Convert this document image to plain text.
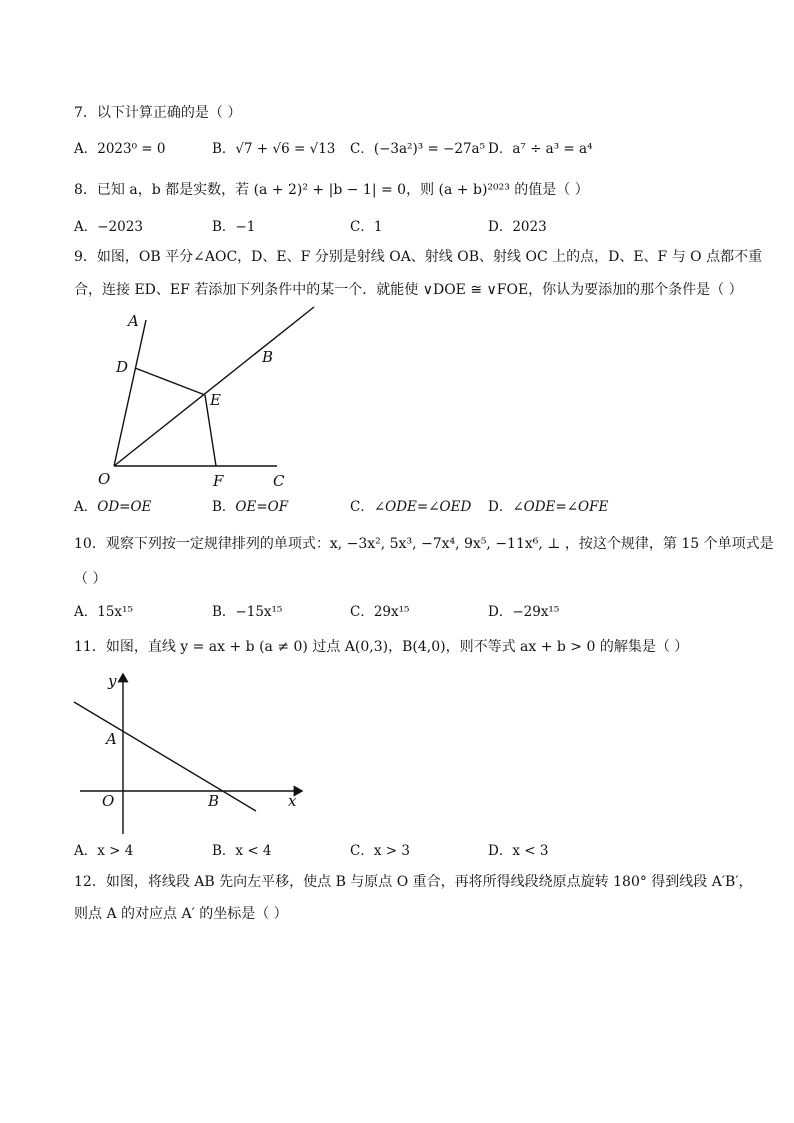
7．以下计算正确的是（ ）
A．2023⁰ = 0	B．√7 + √6 = √13 C．(−3a²)³ = −27a⁵ D．a⁷ ÷ a³ = a⁴
8．已知 a，b 都是实数，若 (a + 2)² + |b − 1| = 0，则 (a + b)²⁰²³ 的值是（ ）
A．−2023	B．−1	C．1	D．2023
9．如图，OB 平分∠AOC，D、E、F 分别是射线 OA、射线 OB、射线 OC 上的点，D、E、F 与 O 点都不重
合，连接 ED、EF 若添加下列条件中的某一个．就能使 ∨DOE ≅ ∨FOE，你认为要添加的那个条件是（ ）
A
D
B
E
O	F	C
A．OD=OE	B．OE=OF	C．∠ODE=∠OED D．∠ODE=∠OFE
10．观察下列按一定规律排列的单项式：x, −3x², 5x³, −7x⁴, 9x⁵, −11x⁶, ⊥ ，按这个规律，第 15 个单项式是
（ ）
A．15x¹⁵	B．−15x¹⁵	C．29x¹⁵	D．−29x¹⁵
11．如图，直线 y = ax + b (a ≠ 0) 过点 A(0,3)，B(4,0)，则不等式 ax + b > 0 的解集是（ ）
y
A
O	B	x
A．x > 4	B．x < 4	C．x > 3	D．x < 3
12．如图，将线段 AB 先向左平移，使点 B 与原点 O 重合，再将所得线段绕原点旋转 180° 得到线段 A′B′，
则点 A 的对应点 A′ 的坐标是（ ）
